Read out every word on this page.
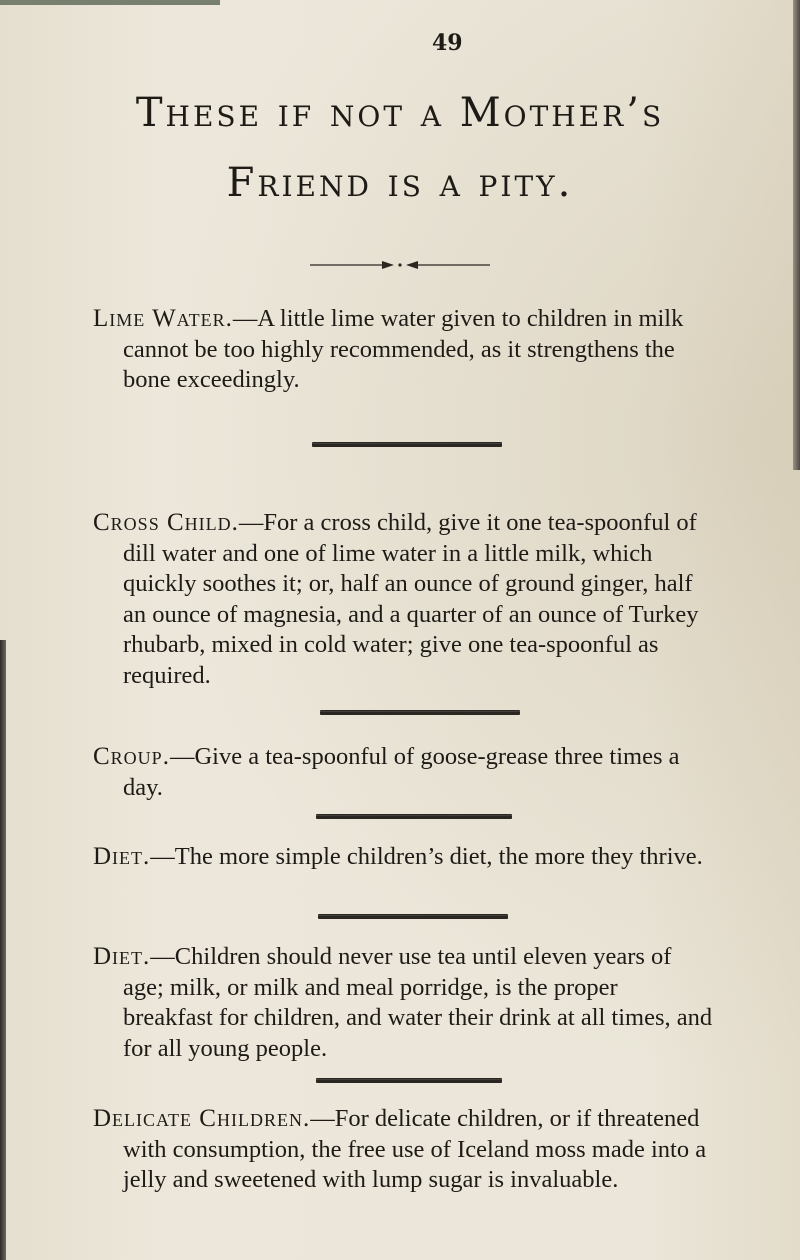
49
These if not a Mother’s
Friend is a pity.
Lime Water.—A little lime water given to children in milk cannot be too highly recommended, as it strengthens the bone exceedingly.
Cross Child.—For a cross child, give it one tea-spoonful of dill water and one of lime water in a little milk, which quickly soothes it; or, half an ounce of ground ginger, half an ounce of magnesia, and a quarter of an ounce of Turkey rhubarb, mixed in cold water; give one tea-spoonful as required.
Croup.—Give a tea-spoonful of goose-grease three times a day.
Diet.—The more simple children’s diet, the more they thrive.
Diet.—Children should never use tea until eleven years of age; milk, or milk and meal porridge, is the proper breakfast for children, and water their drink at all times, and for all young people.
Delicate Children.—For delicate children, or if threatened with consumption, the free use of Iceland moss made into a jelly and sweetened with lump sugar is invaluable.
